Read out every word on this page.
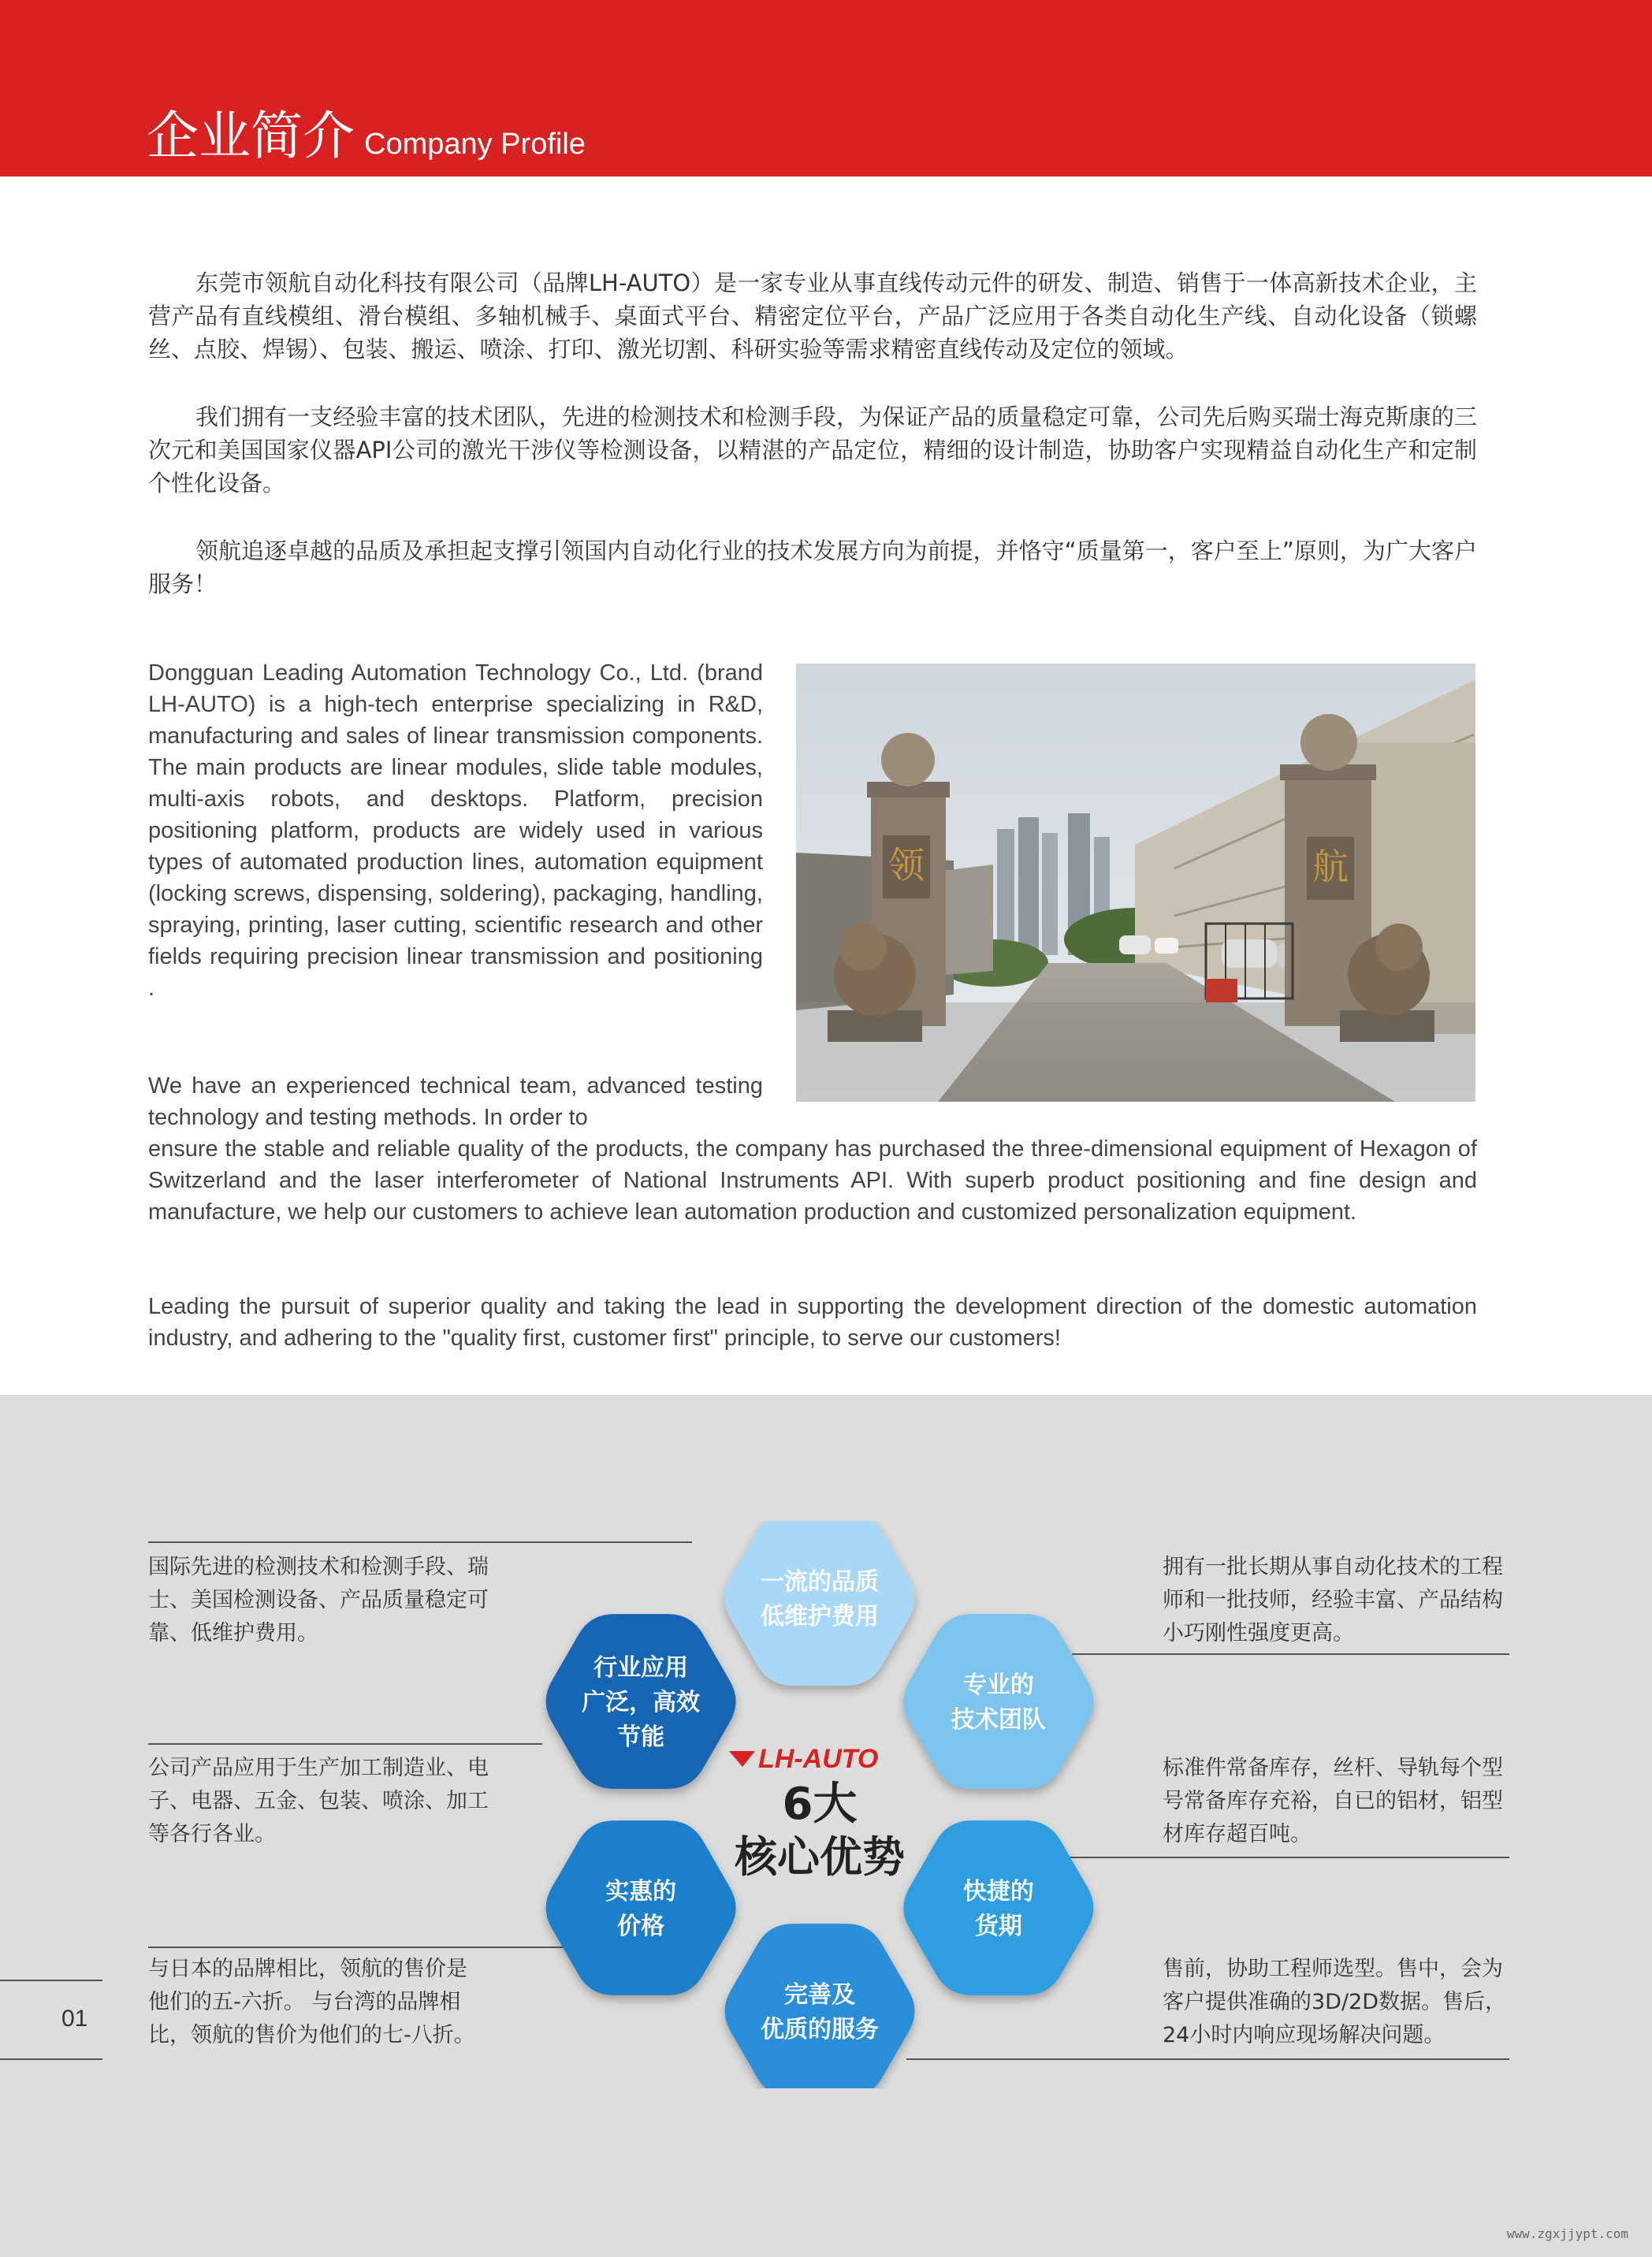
企业简介 Company Profile

东莞市领航自动化科技有限公司（品牌LH-AUTO）是一家专业从事直线传动元件的研发、制造、销售于一体高新技术企业，主营产品有直线模组、滑台模组、多轴机械手、桌面式平台、精密定位平台，产品广泛应用于各类自动化生产线、自动化设备（锁螺丝、点胶、焊锡）、包装、搬运、喷涂、打印、激光切割、科研实验等需求精密直线传动及定位的领域。

我们拥有一支经验丰富的技术团队，先进的检测技术和检测手段，为保证产品的质量稳定可靠，公司先后购买瑞士海克斯康的三次元和美国国家仪器API公司的激光干涉仪等检测设备，以精湛的产品定位，精细的设计制造，协助客户实现精益自动化生产和定制个性化设备。

领航追逐卓越的品质及承担起支撑引领国内自动化行业的技术发展方向为前提，并恪守“质量第一，客户至上”原则，为广大客户服务！

Dongguan Leading Automation Technology Co., Ltd. (brand LH-AUTO) is a high-tech enterprise specializing in R&D, manufacturing and sales of linear transmission components. The main products are linear modules, slide table modules, multi-axis robots, and desktops. Platform, precision positioning platform, products are widely used in various types of automated production lines, automation equipment (locking screws, dispensing, soldering), packaging, handling, spraying, printing, laser cutting, scientific research and other fields requiring precision linear transmission and positioning .

We have an experienced technical team, advanced testing technology and testing methods. In order to

ensure the stable and reliable quality of the products, the company has purchased the three-dimensional equipment of Hexagon of Switzerland and the laser interferometer of National Instruments API. With superb product positioning and fine design and manufacture, we help our customers to achieve lean automation production and customized personalization equipment.

Leading the pursuit of superior quality and taking the lead in supporting the development direction of the domestic automation industry, and adhering to the "quality first, customer first" principle, to serve our customers!

领	航
国际先进的检测技术和检测手段、瑞士、美国检测设备、产品质量稳定可靠、低维护费用。
公司产品应用于生产加工制造业、电子、电器、五金、包装、喷涂、加工等各行各业。
与日本的品牌相比，领航的售价是他们的五-六折。 与台湾的品牌相比，领航的售价为他们的七-八折。
拥有一批长期从事自动化技术的工程师和一批技师，经验丰富、产品结构小巧刚性强度更高。
标准件常备库存，丝杆、导轨每个型号常备库存充裕，自已的铝材，铝型材库存超百吨。
售前，协助工程师选型。售中，会为客户提供准确的3D/2D数据。售后，24小时内响应现场解决问题。
一流的品质
低维护费用
专业的
技术团队
快捷的
货期
完善及
优质的服务
实惠的
价格
行业应用
广泛，高效
节能
LH-AUTO
6大
核心优势
01
www.zgxjjypt.com
